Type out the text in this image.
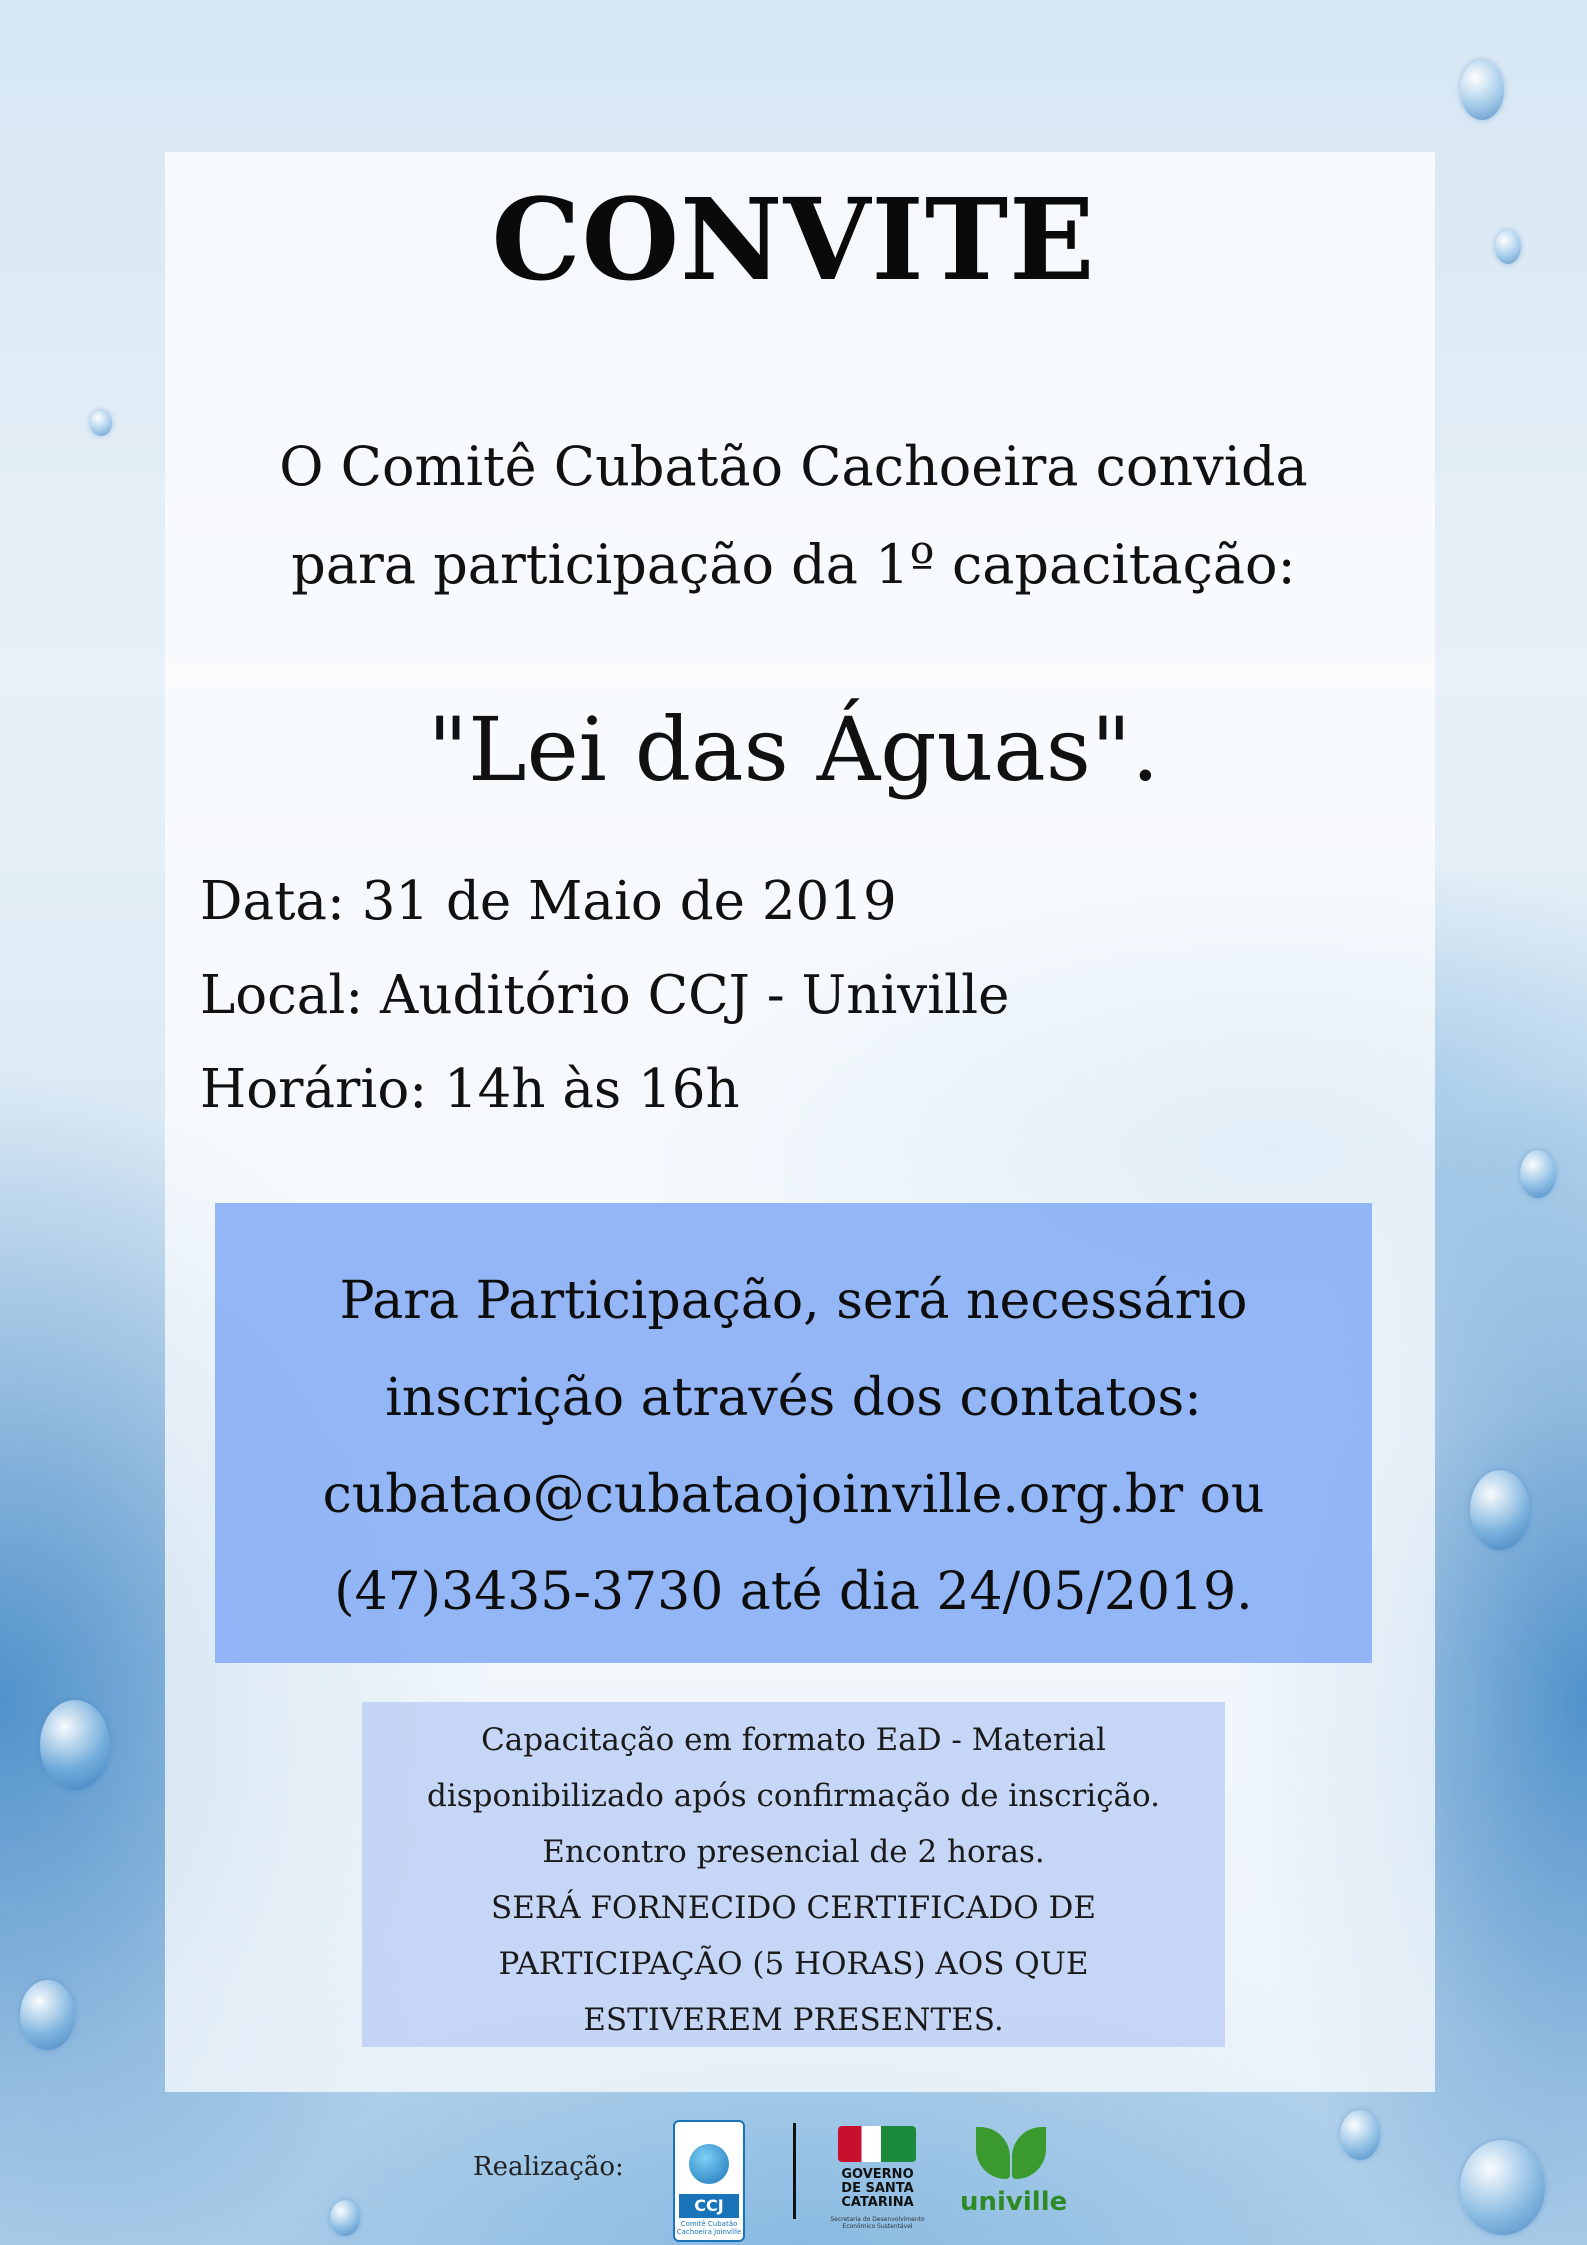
CONVITE
O Comitê Cubatão Cachoeira convida
para participação da 1º capacitação:
"Lei das Águas".
Data: 31 de Maio de 2019
Local: Auditório CCJ - Univille
Horário: 14h às 16h
Para Participação, será necessário
inscrição através dos contatos:
cubatao@cubataojoinville.org.br ou
(47)3435-3730 até dia 24/05/2019.
Capacitação em formato EaD - Material
disponibilizado após confirmação de inscrição.
Encontro presencial de 2 horas.
SERÁ FORNECIDO CERTIFICADO DE
PARTICIPAÇÃO (5 HORAS) AOS QUE
ESTIVEREM PRESENTES.
Realização:
CCJ
Comitê Cubatão Cachoeira Joinville
GOVERNO
DE SANTA
CATARINA
Secretaria do Desenvolvimento Econômico Sustentável
univille
